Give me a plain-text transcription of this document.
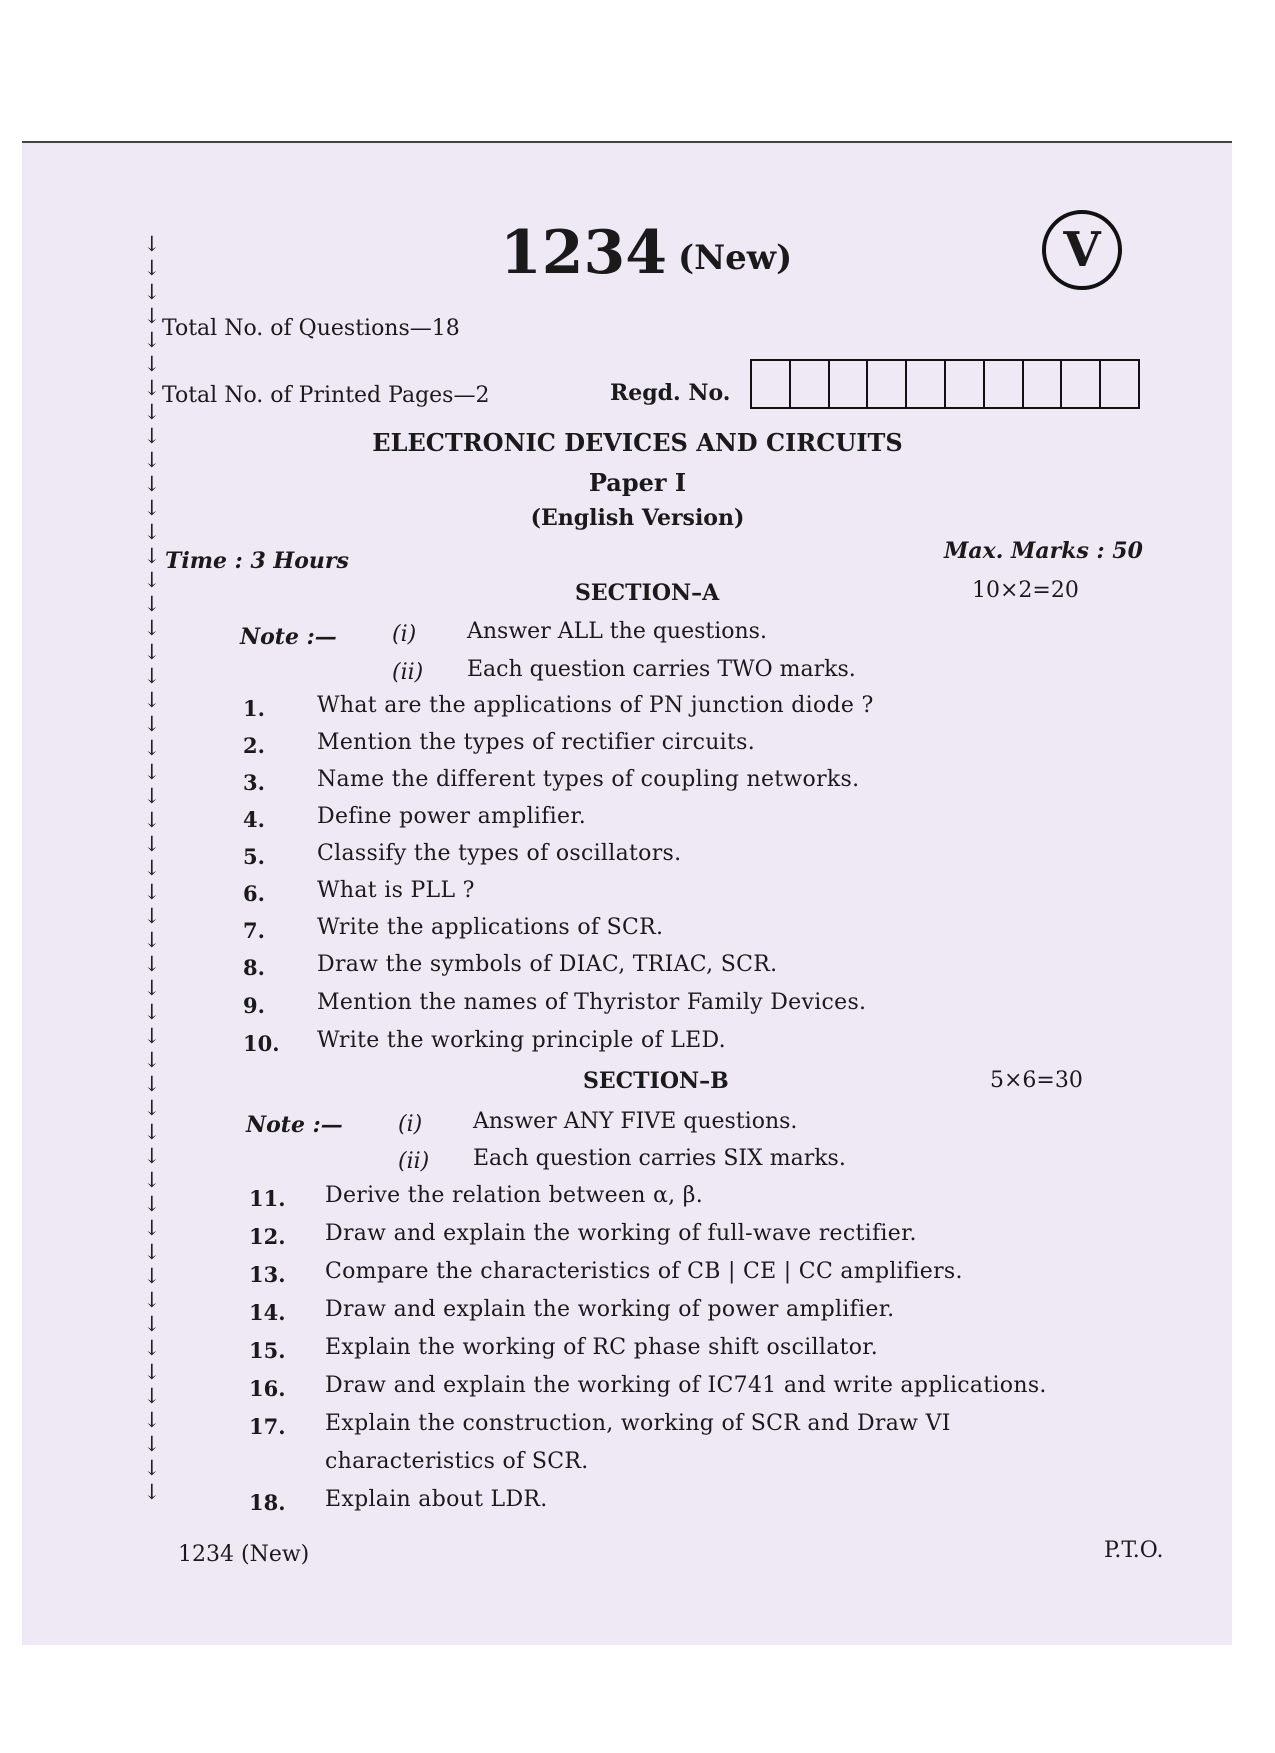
↓
↓
↓
↓
↓
↓
↓
↓
↓
↓
↓
↓
↓
↓
↓
↓
↓
↓
↓
↓
↓
↓
↓
↓
↓
↓
↓
↓
↓
↓
↓
↓
↓
↓
↓
↓
↓
↓
↓
↓
↓
↓
↓
↓
↓
↓
↓
↓
↓
↓
↓
↓
↓
1234 (New)	V
Total No. of Questions—18
Total No. of Printed Pages—2	Regd. No.
ELECTRONIC DEVICES AND CIRCUITS
Paper I
(English Version)
Time : 3 Hours	Max. Marks : 50
SECTION–A	10×2=20
Note :—	(i) Answer ALL the questions.
(ii) Each question carries TWO marks.
1. What are the applications of PN junction diode ?
2. Mention the types of rectifier circuits.
3. Name the different types of coupling networks.
4. Define power amplifier.
5. Classify the types of oscillators.
6. What is PLL ?
7. Write the applications of SCR.
8. Draw the symbols of DIAC, TRIAC, SCR.
9. Mention the names of Thyristor Family Devices.
10. Write the working principle of LED.
SECTION–B	5×6=30
Note :—	(i) Answer ANY FIVE questions.
(ii) Each question carries SIX marks.
11. Derive the relation between α, β.
12. Draw and explain the working of full-wave rectifier.
13. Compare the characteristics of CB | CE | CC amplifiers.
14. Draw and explain the working of power amplifier.
15. Explain the working of RC phase shift oscillator.
16. Draw and explain the working of IC741 and write applications.
17. Explain the construction, working of SCR and Draw VI
characteristics of SCR.
18. Explain about LDR.
1234 (New)	P.T.O.
